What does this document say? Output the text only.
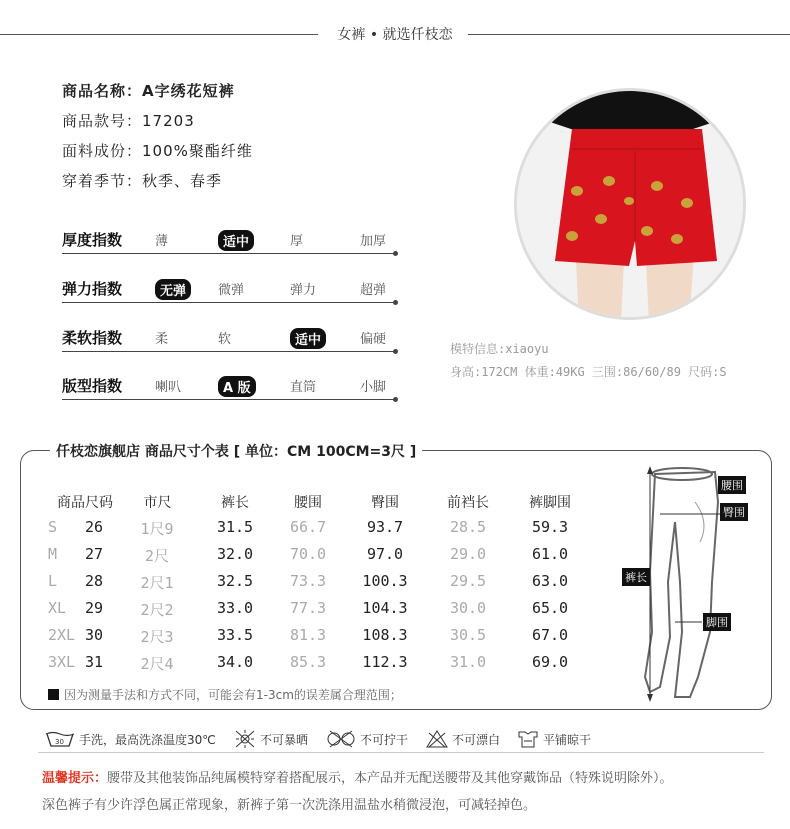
女裤 • 就选仟枝恋
商品名称：A字绣花短裤
商品款号：17203
面料成份：100%聚酯纤维
穿着季节：秋季、春季
厚度指数	薄	适中	厚	加厚
弹力指数	无弹	微弹	弹力	超弹
柔软指数	柔	软	适中	偏硬
版型指数	喇叭	A 版	直筒	小脚
模特信息:xiaoyu
身高:172CM 体重:49KG 三围:86/60/89 尺码:S
仟枝恋旗舰店 商品尺寸个表 [ 单位：CM 100CM=3尺 ]
商品尺码	市尺	裤长	腰围	臀围	前裆长	裤脚围
S	26	1尺9	31.5	66.7	93.7	28.5	59.3
M	27	2尺	32.0	70.0	97.0	29.0	61.0
L	28	2尺1	32.5	73.3	100.3	29.5	63.0
XL	29	2尺2	33.0	77.3	104.3	30.0	65.0
2XL 30	2尺3	33.5	81.3	108.3	30.5	67.0
3XL 31	2尺4	34.0	85.3	112.3	31.0	69.0
因为测量手法和方式不同，可能会有1-3cm的误差属合理范围；
腰围
臀围
裤长
脚围
30 手洗，最高洗涤温度30℃	不可暴晒	不可拧干	不可漂白	平铺晾干
温馨提示：腰带及其他装饰品纯属模特穿着搭配展示，本产品并无配送腰带及其他穿戴饰品（特殊说明除外）。
深色裤子有少许浮色属正常现象，新裤子第一次洗涤用温盐水稍微浸泡，可减轻掉色。
